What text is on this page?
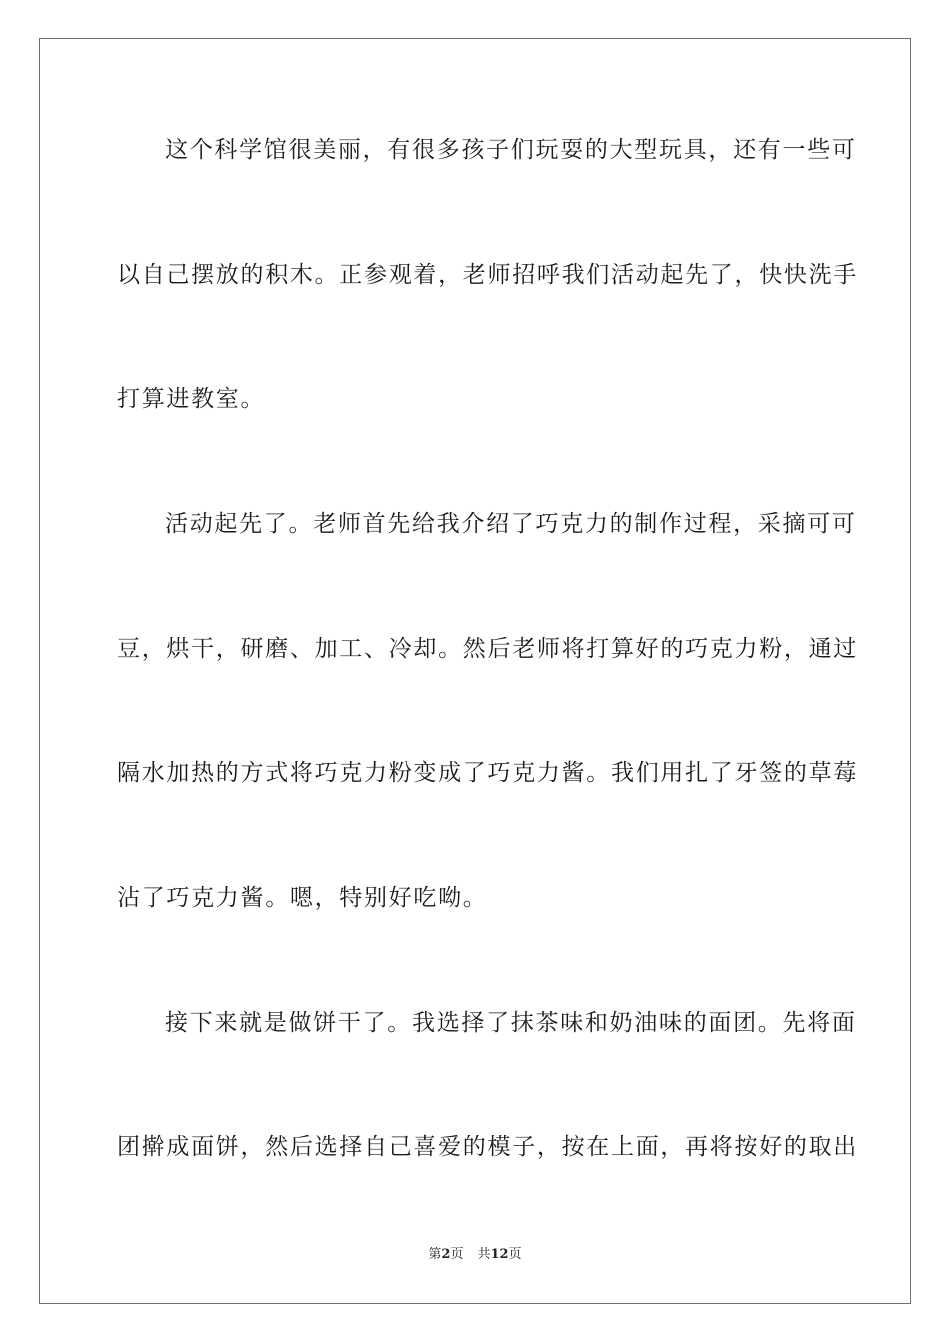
这个科学馆很美丽，有很多孩子们玩耍的大型玩具，还有一些可
以自己摆放的积木。正参观着，老师招呼我们活动起先了，快快洗手
打算进教室。
活动起先了。老师首先给我介绍了巧克力的制作过程，采摘可可
豆，烘干，研磨、加工、冷却。然后老师将打算好的巧克力粉，通过
隔水加热的方式将巧克力粉变成了巧克力酱。我们用扎了牙签的草莓
沾了巧克力酱。嗯，特别好吃呦。
接下来就是做饼干了。我选择了抹茶味和奶油味的面团。先将面
团擀成面饼，然后选择自己喜爱的模子，按在上面，再将按好的取出
第2页 共12页
